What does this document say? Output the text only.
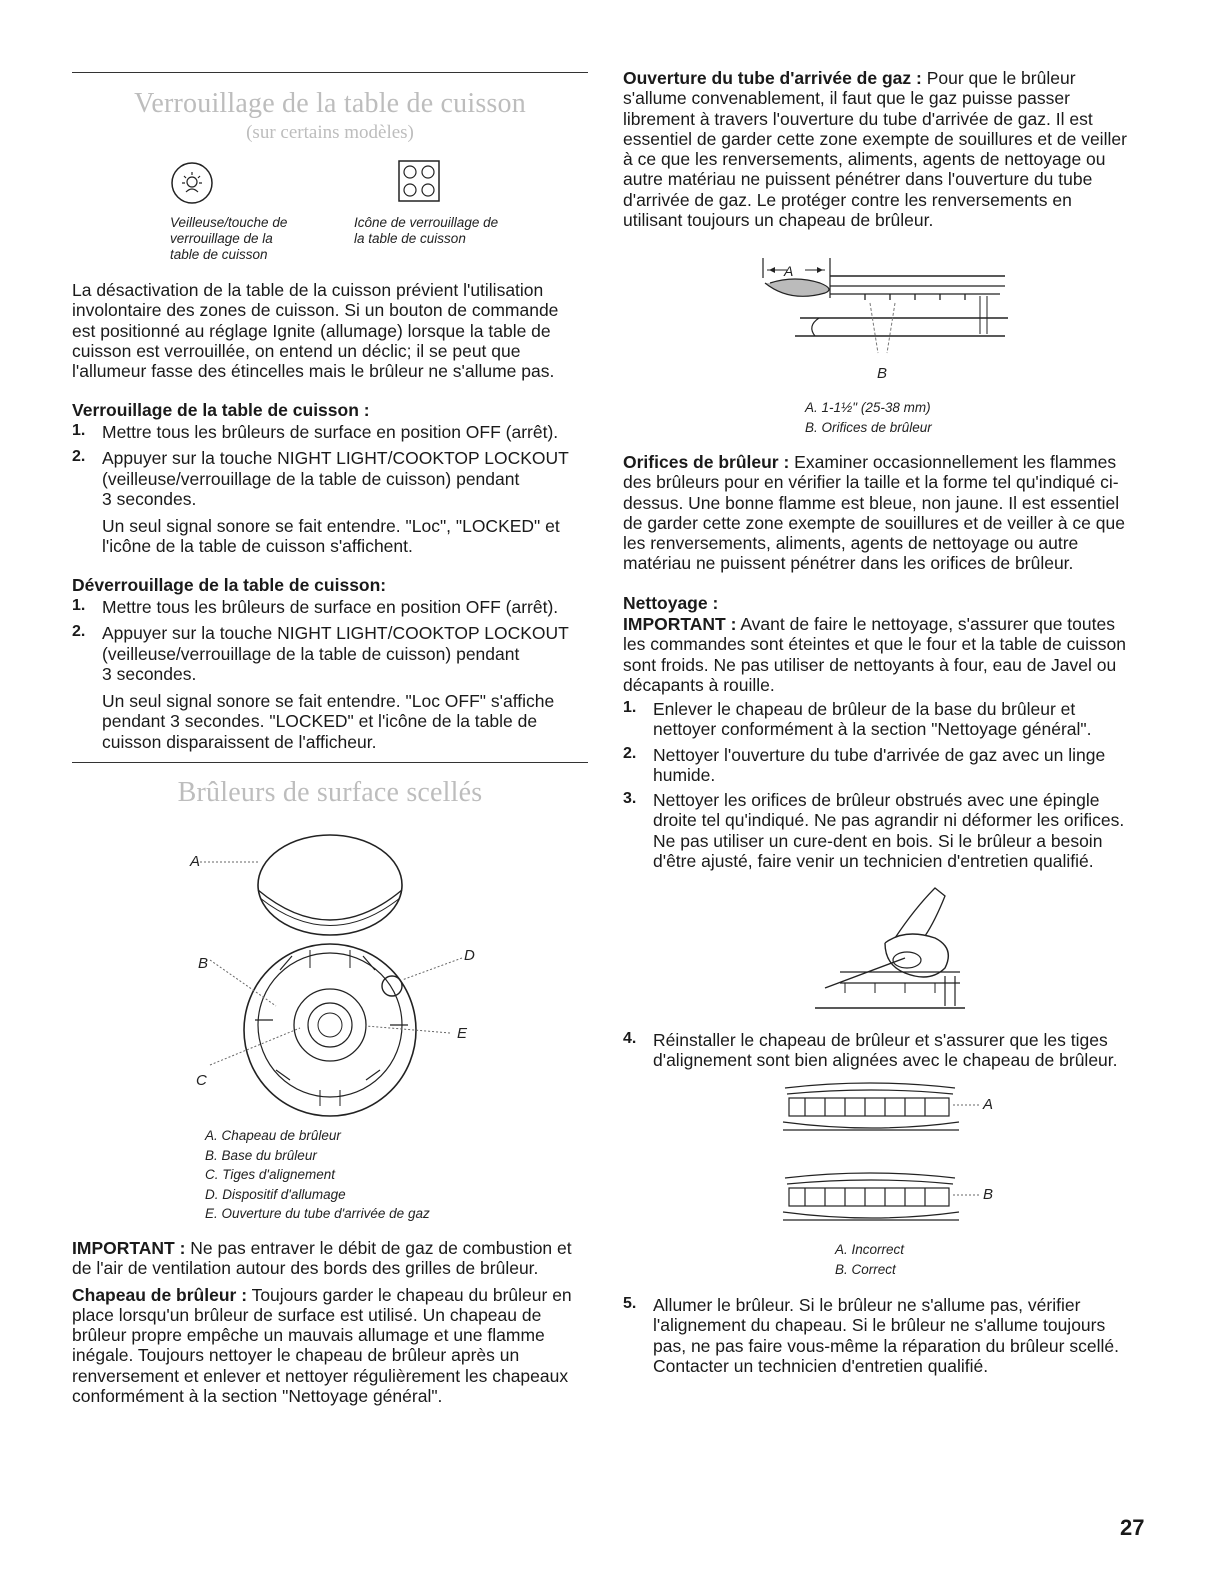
Verrouillage de la table de cuisson
(sur certains modèles)
Veilleuse/touche de
verrouillage de la
table de cuisson
Icône de verrouillage de
la table de cuisson

La désactivation de la table de la cuisson prévient l'utilisation

involontaire des zones de cuisson. Si un bouton de commande

est positionné au réglage Ignite (allumage) lorsque la table de

cuisson est verrouillée, on entend un déclic; il se peut que

l'allumeur fasse des étincelles mais le brûleur ne s'allume pas.

Verrouillage de la table de cuisson :
1. Mettre tous les brûleurs de surface en position OFF (arrêt).

2. Appuyer sur la touche NIGHT LIGHT/COOKTOP LOCKOUT

(veilleuse/verrouillage de la table de cuisson) pendant

3 secondes.

Un seul signal sonore se fait entendre. "Loc", "LOCKED" et

l'icône de la table de cuisson s'affichent.

Déverrouillage de la table de cuisson:
1. Mettre tous les brûleurs de surface en position OFF (arrêt).

2. Appuyer sur la touche NIGHT LIGHT/COOKTOP LOCKOUT

(veilleuse/verrouillage de la table de cuisson) pendant

3 secondes.

Un seul signal sonore se fait entendre. "Loc OFF" s'affiche

pendant 3 secondes. "LOCKED" et l'icône de la table de

cuisson disparaissent de l'afficheur.

Brûleurs de surface scellés
A
B
C
D
E
A. Chapeau de brûleur
B. Base du brûleur
C. Tiges d'alignement
D. Dispositif d'allumage
E. Ouverture du tube d'arrivée de gaz

IMPORTANT : Ne pas entraver le débit de gaz de combustion et

de l'air de ventilation autour des bords des grilles de brûleur.

Chapeau de brûleur : Toujours garder le chapeau du brûleur en

place lorsqu'un brûleur de surface est utilisé. Un chapeau de

brûleur propre empêche un mauvais allumage et une flamme

inégale. Toujours nettoyer le chapeau de brûleur après un

renversement et enlever et nettoyer régulièrement les chapeaux

conformément à la section "Nettoyage général".

Ouverture du tube d'arrivée de gaz : Pour que le brûleur

s'allume convenablement, il faut que le gaz puisse passer

librement à travers l'ouverture du tube d'arrivée de gaz. Il est

essentiel de garder cette zone exempte de souillures et de veiller

à ce que les renversements, aliments, agents de nettoyage ou

autre matériau ne puissent pénétrer dans l'ouverture du tube

d'arrivée de gaz. Le protéger contre les renversements en

utilisant toujours un chapeau de brûleur.

A
B
A. 1-1½" (25-38 mm)
B. Orifices de brûleur

Orifices de brûleur : Examiner occasionnellement les flammes

des brûleurs pour en vérifier la taille et la forme tel qu'indiqué ci-

dessus. Une bonne flamme est bleue, non jaune. Il est essentiel

de garder cette zone exempte de souillures et de veiller à ce que

les renversements, aliments, agents de nettoyage ou autre

matériau ne puissent pénétrer dans les orifices de brûleur.

Nettoyage :

IMPORTANT : Avant de faire le nettoyage, s'assurer que toutes

les commandes sont éteintes et que le four et la table de cuisson

sont froids. Ne pas utiliser de nettoyants à four, eau de Javel ou

décapants à rouille.

1. Enlever le chapeau de brûleur de la base du brûleur et

nettoyer conformément à la section "Nettoyage général".

2. Nettoyer l'ouverture du tube d'arrivée de gaz avec un linge

humide.

3. Nettoyer les orifices de brûleur obstrués avec une épingle

droite tel qu'indiqué. Ne pas agrandir ni déformer les orifices.

Ne pas utiliser un cure-dent en bois. Si le brûleur a besoin

d'être ajusté, faire venir un technicien d'entretien qualifié.

4. Réinstaller le chapeau de brûleur et s'assurer que les tiges

d'alignement sont bien alignées avec le chapeau de brûleur.

A
B
A. Incorrect
B. Correct
5. Allumer le brûleur. Si le brûleur ne s'allume pas, vérifier

l'alignement du chapeau. Si le brûleur ne s'allume toujours

pas, ne pas faire vous-même la réparation du brûleur scellé.

Contacter un technicien d'entretien qualifié.

27
